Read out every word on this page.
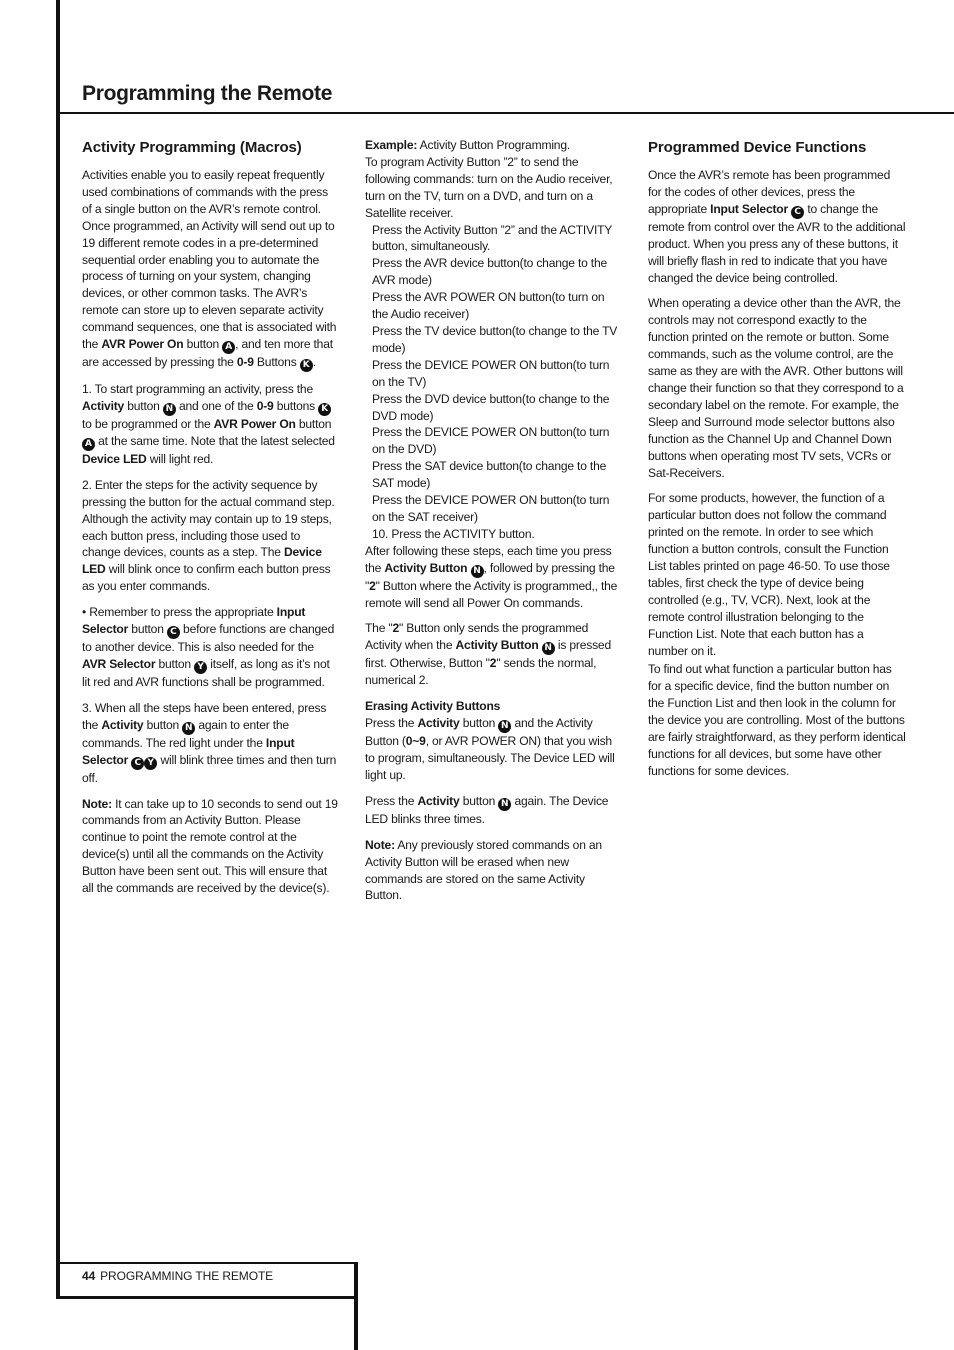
Programming the Remote
Activity Programming (Macros)

Activities enable you to easily repeat frequently used combinations of commands with the press of a single button on the AVR’s remote control. Once programmed, an Activity will send out up to 19 different remote codes in a pre-determined sequential order enabling you to automate the process of turning on your system, changing devices, or other common tasks. The AVR’s remote can store up to eleven separate activity command sequences, one that is associated with the AVR Power On button A , and ten more that are accessed by pressing the 0-9 Buttons K .

1. To start programming an activity, press the Activity button N and one of the 0-9 buttons K to be programmed or the AVR Power On button A at the same time. Note that the latest selected Device LED will light red.

2. Enter the steps for the activity sequence by pressing the button for the actual command step. Although the activity may contain up to 19 steps, each button press, including those used to change devices, counts as a step. The Device LED will blink once to confirm each button press as you enter commands.

• Remember to press the appropriate Input Selector button C before functions are changed to another device. This is also needed for the AVR Selector button Y itself, as long as it’s not lit red and AVR functions shall be programmed.

3. When all the steps have been entered, press the Activity button N again to enter the commands. The red light under the Input Selector C Y will blink three times and then turn off.

Note: It can take up to 10 seconds to send out 19 commands from an Activity Button. Please continue to point the remote control at the device(s) until all the commands on the Activity Button have been sent out. This will ensure that all the commands are received by the device(s).

Example: Activity Button Programming.

To program Activity Button ”2” to send the following commands: turn on the Audio receiver, turn on the TV, turn on a DVD, and turn on a Satellite receiver.

Press the Activity Button ”2” and the ACTIVITY button, simultaneously.

Press the AVR device button(to change to the AVR mode)

Press the AVR POWER ON button(to turn on the Audio receiver)

Press the TV device button(to change to the TV mode)

Press the DEVICE POWER ON button(to turn on the TV)

Press the DVD device button(to change to the DVD mode)

Press the DEVICE POWER ON button(to turn on the DVD)

Press the SAT device button(to change to the SAT mode)

Press the DEVICE POWER ON button(to turn on the SAT receiver)

10. Press the ACTIVITY button.

After following these steps, each time you press the Activity Button N , followed by pressing the "2" Button where the Activity is programmed,, the remote will send all Power On commands.

The "2" Button only sends the programmed Activity when the Activity Button N is pressed first. Otherwise, Button "2" sends the normal, numerical 2.

Erasing Activity Buttons

Press the Activity button N and the Activity Button (0~9, or AVR POWER ON) that you wish to program, simultaneously. The Device LED will light up.

Press the Activity button N again. The Device LED blinks three times.

Note: Any previously stored commands on an Activity Button will be erased when new commands are stored on the same Activity Button.

Programmed Device Functions

Once the AVR’s remote has been programmed for the codes of other devices, press the appropriate Input Selector C to change the remote from control over the AVR to the additional product. When you press any of these buttons, it will briefly flash in red to indicate that you have changed the device being controlled.

When operating a device other than the AVR, the controls may not correspond exactly to the function printed on the remote or button. Some commands, such as the volume control, are the same as they are with the AVR. Other buttons will change their function so that they correspond to a secondary label on the remote. For example, the Sleep and Surround mode selector buttons also function as the Channel Up and Channel Down buttons when operating most TV sets, VCRs or Sat-Receivers.

For some products, however, the function of a particular button does not follow the command printed on the remote. In order to see which function a button controls, consult the Function List tables printed on page 46-50. To use those tables, first check the type of device being controlled (e.g., TV, VCR). Next, look at the remote control illustration belonging to the Function List. Note that each button has a number on it.

To find out what function a particular button has for a specific device, find the button number on the Function List and then look in the column for the device you are controlling. Most of the buttons are fairly straightforward, as they perform identical functions for all devices, but some have other functions for some devices.

44 PROGRAMMING THE REMOTE
